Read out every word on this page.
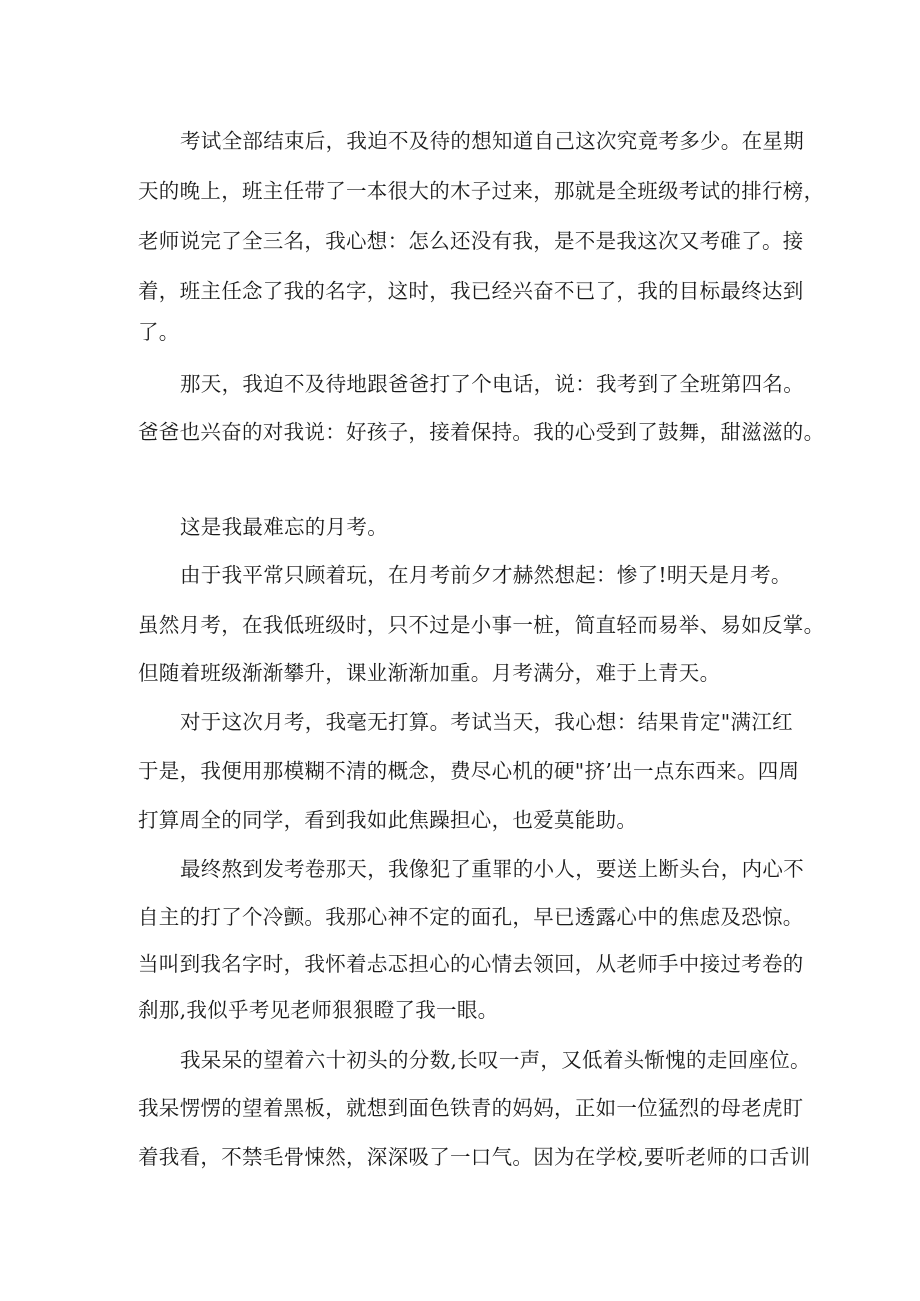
考试全部结束后，我迫不及待的想知道自己这次究竟考多少。在星期
天的晚上，班主任带了一本很大的木子过来，那就是全班级考试的排行榜，
老师说完了全三名，我心想：怎么还没有我，是不是我这次又考碓了。接
着，班主任念了我的名字，这时，我已经兴奋不已了，我的目标最终达到
了。
那天，我迫不及待地跟爸爸打了个电话，说：我考到了全班第四名。
爸爸也兴奋的对我说：好孩子，接着保持。我的心受到了鼓舞，甜滋滋的。
这是我最难忘的月考。
由于我平常只顾着玩，在月考前夕才赫然想起：惨了!明天是月考。
虽然月考，在我低班级时，只不过是小事一桩，简直轻而易举、易如反掌。
但随着班级渐渐攀升，课业渐渐加重。月考满分，难于上青天。
对于这次月考，我毫无打算。考试当天，我心想：结果肯定"满江红
于是，我便用那模糊不清的概念，费尽心机的硬"挤’出一点东西来。四周
打算周全的同学，看到我如此焦躁担心，也爱莫能助。
最终熬到发考卷那天，我像犯了重罪的小人，要送上断头台，内心不
自主的打了个冷颤。我那心神不定的面孔，早已透露心中的焦虑及恐惊。
当叫到我名字时，我怀着忐忑担心的心情去领回，从老师手中接过考卷的
刹那,我似乎考见老师狠狠瞪了我一眼。
我呆呆的望着六十初头的分数,长叹一声，又低着头惭愧的走回座位。
我呆愣愣的望着黑板，就想到面色铁青的妈妈，正如一位猛烈的母老虎盯
着我看，不禁毛骨悚然，深深吸了一口气。因为在学校,要听老师的口舌训
